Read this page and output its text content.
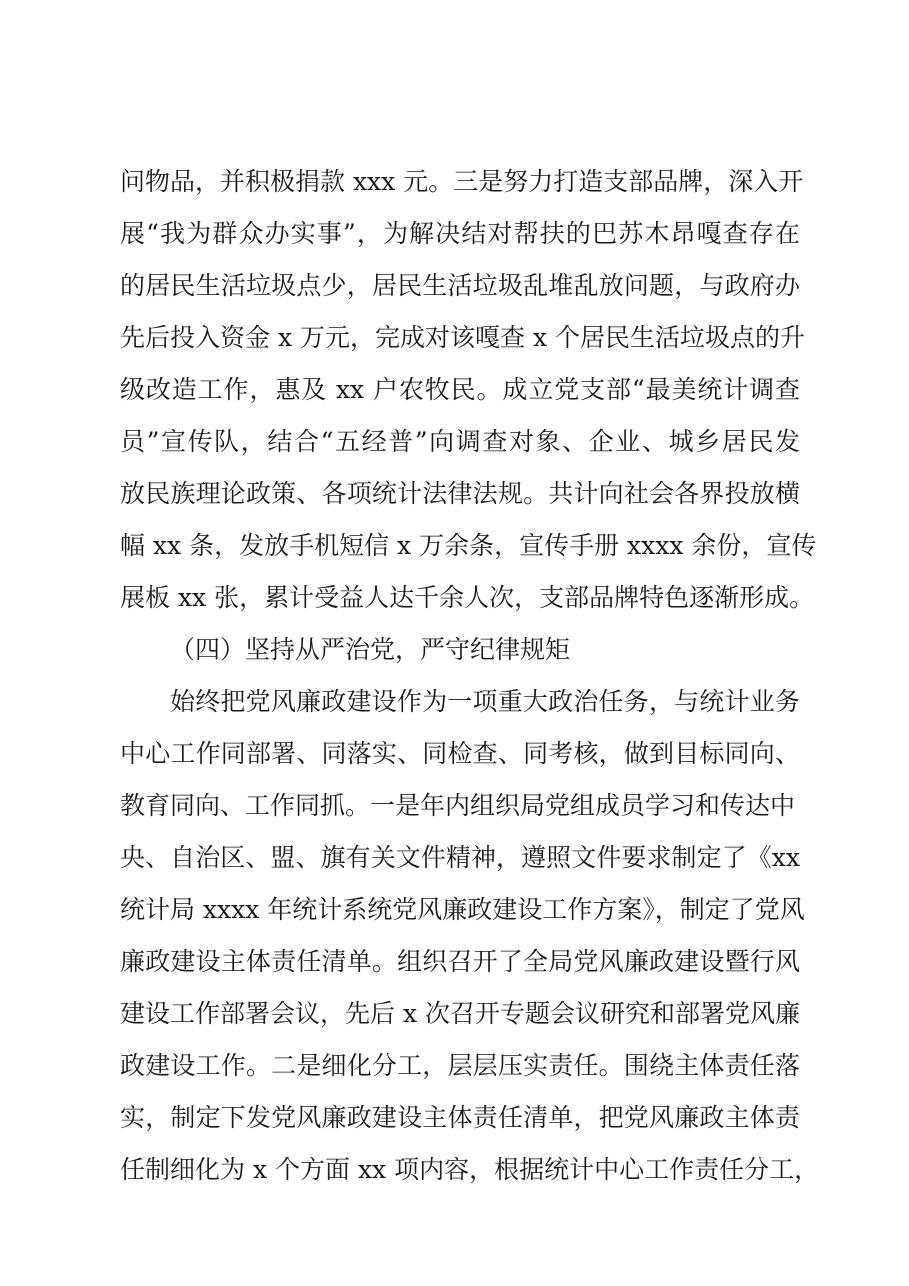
问物品，并积极捐款 xxx 元。三是努力打造支部品牌，深入开

展“我为群众办实事”，为解决结对帮扶的巴苏木昂嘎查存在

的居民生活垃圾点少，居民生活垃圾乱堆乱放问题，与政府办

先后投入资金 x 万元，完成对该嘎查 x 个居民生活垃圾点的升

级改造工作，惠及 xx 户农牧民。成立党支部“最美统计调查

员”宣传队，结合“五经普”向调查对象、企业、城乡居民发

放民族理论政策、各项统计法律法规。共计向社会各界投放横

幅 xx 条，发放手机短信 x 万余条，宣传手册 xxxx 余份，宣传

展板 xx 张，累计受益人达千余人次，支部品牌特色逐渐形成。

（四）坚持从严治党，严守纪律规矩

始终把党风廉政建设作为一项重大政治任务，与统计业务

中心工作同部署、同落实、同检查、同考核，做到目标同向、

教育同向、工作同抓。一是年内组织局党组成员学习和传达中

央、自治区、盟、旗有关文件精神，遵照文件要求制定了《xx

统计局 xxxx 年统计系统党风廉政建设工作方案》，制定了党风

廉政建设主体责任清单。组织召开了全局党风廉政建设暨行风

建设工作部署会议，先后 x 次召开专题会议研究和部署党风廉

政建设工作。二是细化分工，层层压实责任。围绕主体责任落

实，制定下发党风廉政建设主体责任清单，把党风廉政主体责

任制细化为 x 个方面 xx 项内容，根据统计中心工作责任分工，
